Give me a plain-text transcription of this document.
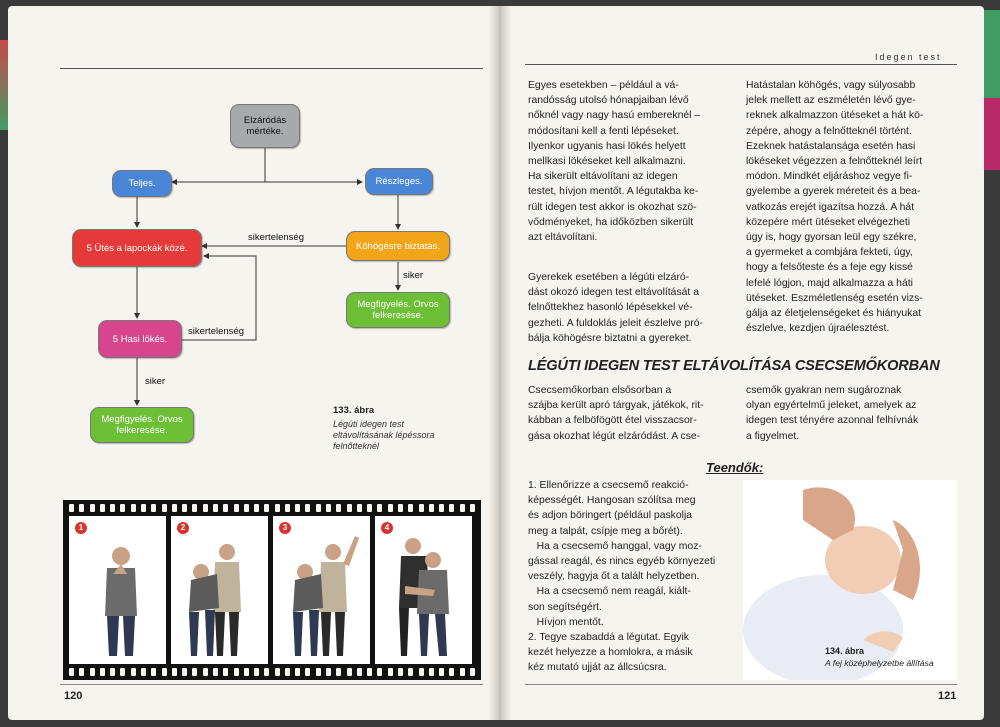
Idegen test
Elzáródás mértéke.
Teljes.	Részleges.
5 Ütés a lapockák közé.	Köhögésre biztatás.
Megfigyelés. Orvos felkeresése.
5 Hasi lökés.
Megfigyelés. Orvos felkeresése.
sikertelenség
siker
sikertelenség
siker
133. ábra
Légúti idegen test eltávolításának lépéssora felnőtteknél
1	2	3	4
120	121
Egyes esetekben – például a vá-
randósság utolsó hónapjaiban lévő
nőknél vagy nagy hasú embereknél –
módosítani kell a fenti lépéseket.
Ilyenkor ugyanis hasi lökés helyett
mellkasi lökéseket kell alkalmazni.
Ha sikerült eltávolítani az idegen
testet, hívjon mentőt. A légutakba ke-
rült idegen test akkor is okozhat szö-
vődményeket, ha időközben sikerült
azt eltávolítani.
Gyerekek esetében a légúti elzáró-
dást okozó idegen test eltávolítását a
felnőttekhez hasonló lépésekkel vé-
gezheti. A fuldoklás jeleit észlelve pró-
bálja köhögésre biztatni a gyereket.
Hatástalan köhögés, vagy súlyosabb
jelek mellett az eszméletén lévő gye-
reknek alkalmazzon ütéseket a hát kö-
zépére, ahogy a felnőtteknél történt.
Ezeknek hatástalansága esetén hasi
lökéseket végezzen a felnőtteknél leírt
módon. Mindkét eljáráshoz vegye fi-
gyelembe a gyerek méreteit és a bea-
vatkozás erejét igazítsa hozzá. A hát
közepére mért ütéseket elvégezheti
úgy is, hogy gyorsan leül egy székre,
a gyermeket a combjára fekteti, úgy,
hogy a felsőteste és a feje egy kissé
lefelé lógjon, majd alkalmazza a háti
ütéseket. Eszméletlenség esetén vizs-
gálja az életjelenségeket és hiányukat
észlelve, kezdjen újraélesztést.
LÉGÚTI IDEGEN TEST ELTÁVOLÍTÁSA CSECSEMŐKORBAN
Csecsemőkorban elsősorban a
szájba került apró tárgyak, játékok, rit-
kábban a felböfögött étel visszacsor-
gása okozhat légút elzáródást. A cse-
csemők gyakran nem sugároznak
olyan egyértelmű jeleket, amelyek az
idegen test tényére azonnal felhívnák
a figyelmet.
Teendők:
1. Ellenőrizze a csecsemő reakció-
képességét. Hangosan szólítsa meg
és adjon böringert (például paskolja
meg a talpát, csípje meg a bőrét).
Ha a csecsemő hanggal, vagy moz-
gással reagál, és nincs egyéb környezeti
veszély, hagyja őt a talált helyzetben.
Ha a csecsemő nem reagál, kiált-
son segítségért.
Hívjon mentőt.
2. Tegye szabaddá a légutat. Egyik
kezét helyezze a homlokra, a másik
kéz mutató ujját az állcsúcsra.
134. ábra
A fej középhelyzetbe állítása
